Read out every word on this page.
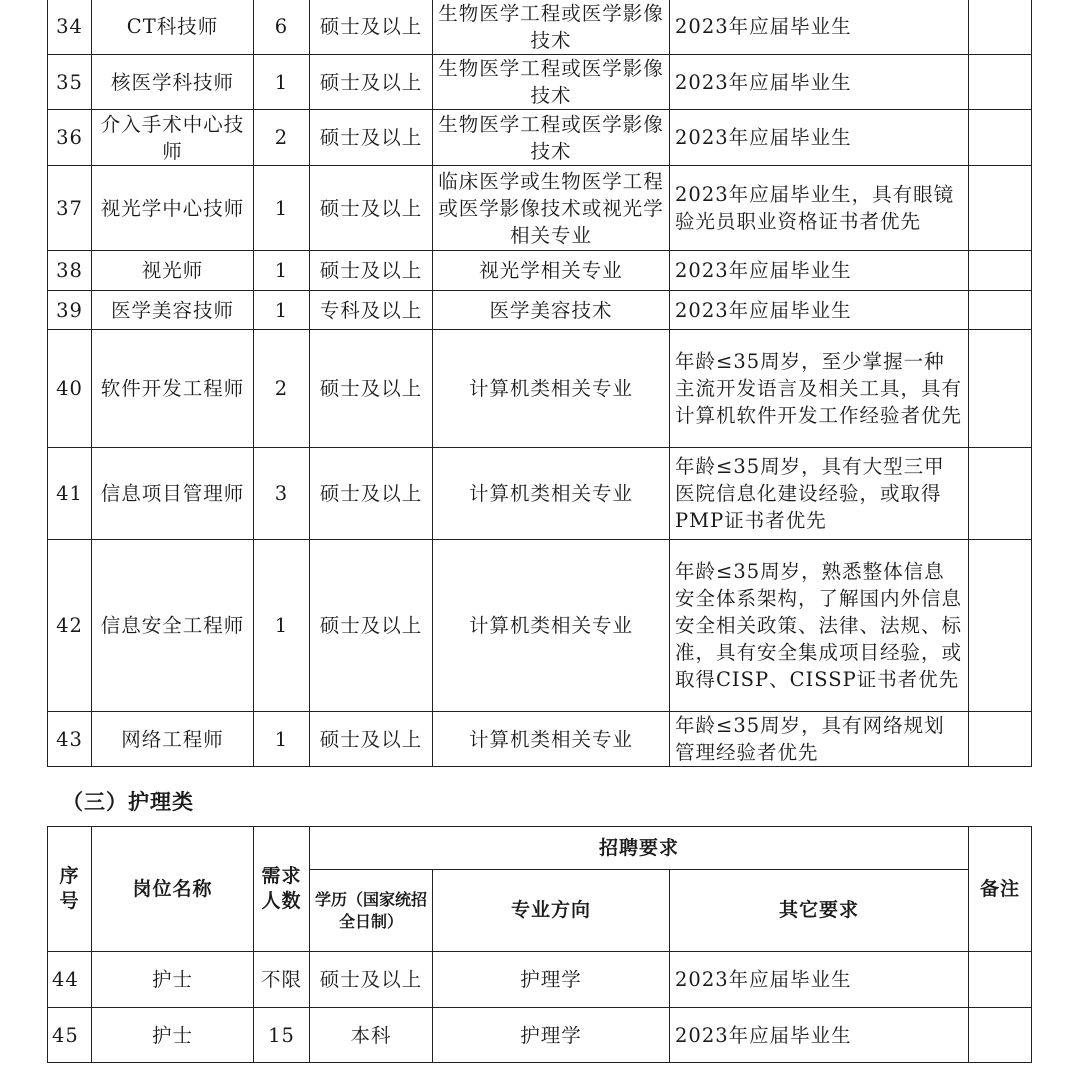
34	CT科技师	6	硕士及以上	生物医学工程或医学影像技术	2023年应届毕业生	
35	核医学科技师	1	硕士及以上	生物医学工程或医学影像技术	2023年应届毕业生	
36	介入手术中心技师	2	硕士及以上	生物医学工程或医学影像技术	2023年应届毕业生	
37	视光学中心技师	1	硕士及以上	临床医学或生物医学工程或医学影像技术或视光学相关专业	2023年应届毕业生，具有眼镜验光员职业资格证书者优先	
38	视光师	1	硕士及以上	视光学相关专业	2023年应届毕业生	
39	医学美容技师	1	专科及以上	医学美容技术	2023年应届毕业生	
40	软件开发工程师	2	硕士及以上	计算机类相关专业	年龄≤35周岁，至少掌握一种主流开发语言及相关工具，具有计算机软件开发工作经验者优先	
41	信息项目管理师	3	硕士及以上	计算机类相关专业	年龄≤35周岁，具有大型三甲医院信息化建设经验，或取得PMP证书者优先	
42	信息安全工程师	1	硕士及以上	计算机类相关专业	年龄≤35周岁，熟悉整体信息安全体系架构，了解国内外信息安全相关政策、法律、法规、标准，具有安全集成项目经验，或取得CISP、CISSP证书者优先	
43	网络工程师	1	硕士及以上	计算机类相关专业	年龄≤35周岁，具有网络规划管理经验者优先	
（三）护理类
序号	岗位名称	需求人数	招聘要求			备注
			学历（国家统招全日制）	专业方向	其它要求	
44	护士	不限	硕士及以上	护理学	2023年应届毕业生	
45	护士	15	本科	护理学	2023年应届毕业生	
